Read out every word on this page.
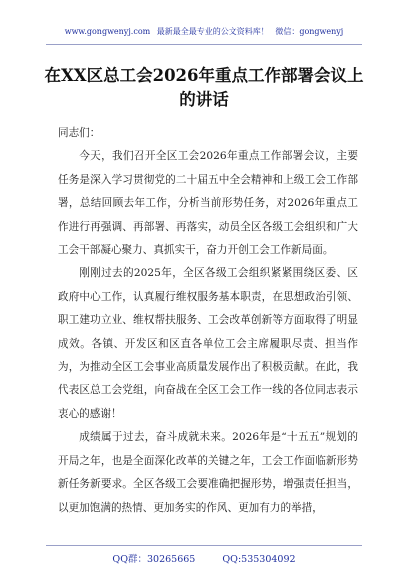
www.gongwenyj.com 最新最全最专业的公文资料库！ 微信：gongwenyj
在XX区总工会2026年重点工作部署会议上的讲话

同志们：

今天，我们召开全区工会2026年重点工作部署会议，主要任务是深入学习贯彻党的二十届五中全会精神和上级工会工作部署，总结回顾去年工作，分析当前形势任务，对2026年重点工作进行再强调、再部署、再落实，动员全区各级工会组织和广大工会干部凝心聚力、真抓实干，奋力开创工会工作新局面。

刚刚过去的2025年，全区各级工会组织紧紧围绕区委、区政府中心工作，认真履行维权服务基本职责，在思想政治引领、职工建功立业、维权帮扶服务、工会改革创新等方面取得了明显成效。各镇、开发区和区直各单位工会主席履职尽责、担当作为，为推动全区工会事业高质量发展作出了积极贡献。在此，我代表区总工会党组，向奋战在全区工会工作一线的各位同志表示衷心的感谢！

成绩属于过去，奋斗成就未来。2026年是“十五五”规划的开局之年，也是全面深化改革的关键之年，工会工作面临新形势新任务新要求。全区各级工会要准确把握形势，增强责任担当，以更加饱满的热情、更加务实的作风、更加有力的举措，

QQ群：30265665	QQ:535304092
